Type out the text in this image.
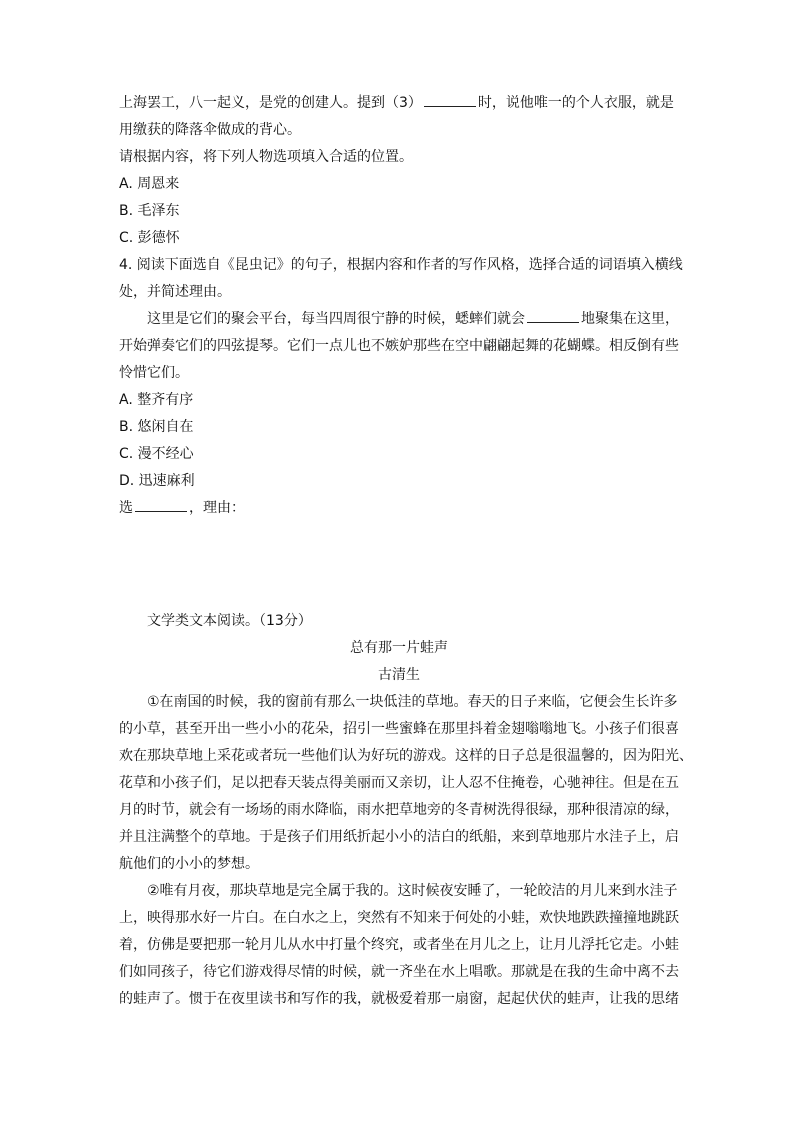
上海罢工，八一起义，是党的创建人。提到（3）	时，说他唯一的个人衣服，就是
用缴获的降落伞做成的背心。
请根据内容，将下列人物选项填入合适的位置。
A. 周恩来
B. 毛泽东
C. 彭德怀
4. 阅读下面选自《昆虫记》的句子，根据内容和作者的写作风格，选择合适的词语填入横线
处，并简述理由。
这里是它们的聚会平台，每当四周很宁静的时候，蟋蟀们就会	地聚集在这里，
开始弹奏它们的四弦提琴。它们一点儿也不嫉妒那些在空中翩翩起舞的花蝴蝶。相反倒有些
怜惜它们。
A. 整齐有序
B. 悠闲自在
C. 漫不经心
D. 迅速麻利
选	，理由：
文学类文本阅读。（13分）
总有那一片蛙声
古清生
①在南国的时候，我的窗前有那么一块低洼的草地。春天的日子来临，它便会生长许多
的小草，甚至开出一些小小的花朵，招引一些蜜蜂在那里抖着金翅嗡嗡地飞。小孩子们很喜
欢在那块草地上采花或者玩一些他们认为好玩的游戏。这样的日子总是很温馨的，因为阳光、
花草和小孩子们，足以把春天装点得美丽而又亲切，让人忍不住掩卷，心驰神往。但是在五
月的时节，就会有一场场的雨水降临，雨水把草地旁的冬青树洗得很绿，那种很清凉的绿，
并且注满整个的草地。于是孩子们用纸折起小小的洁白的纸船，来到草地那片水洼子上，启
航他们的小小的梦想。
②唯有月夜，那块草地是完全属于我的。这时候夜安睡了，一轮皎洁的月儿来到水洼子
上，映得那水好一片白。在白水之上，突然有不知来于何处的小蛙，欢快地跌跌撞撞地跳跃
着，仿佛是要把那一轮月儿从水中打量个终究，或者坐在月儿之上，让月儿浮托它走。小蛙
们如同孩子，待它们游戏得尽情的时候，就一齐坐在水上唱歌。那就是在我的生命中离不去
的蛙声了。惯于在夜里读书和写作的我，就极爱着那一扇窗，起起伏伏的蛙声，让我的思绪
